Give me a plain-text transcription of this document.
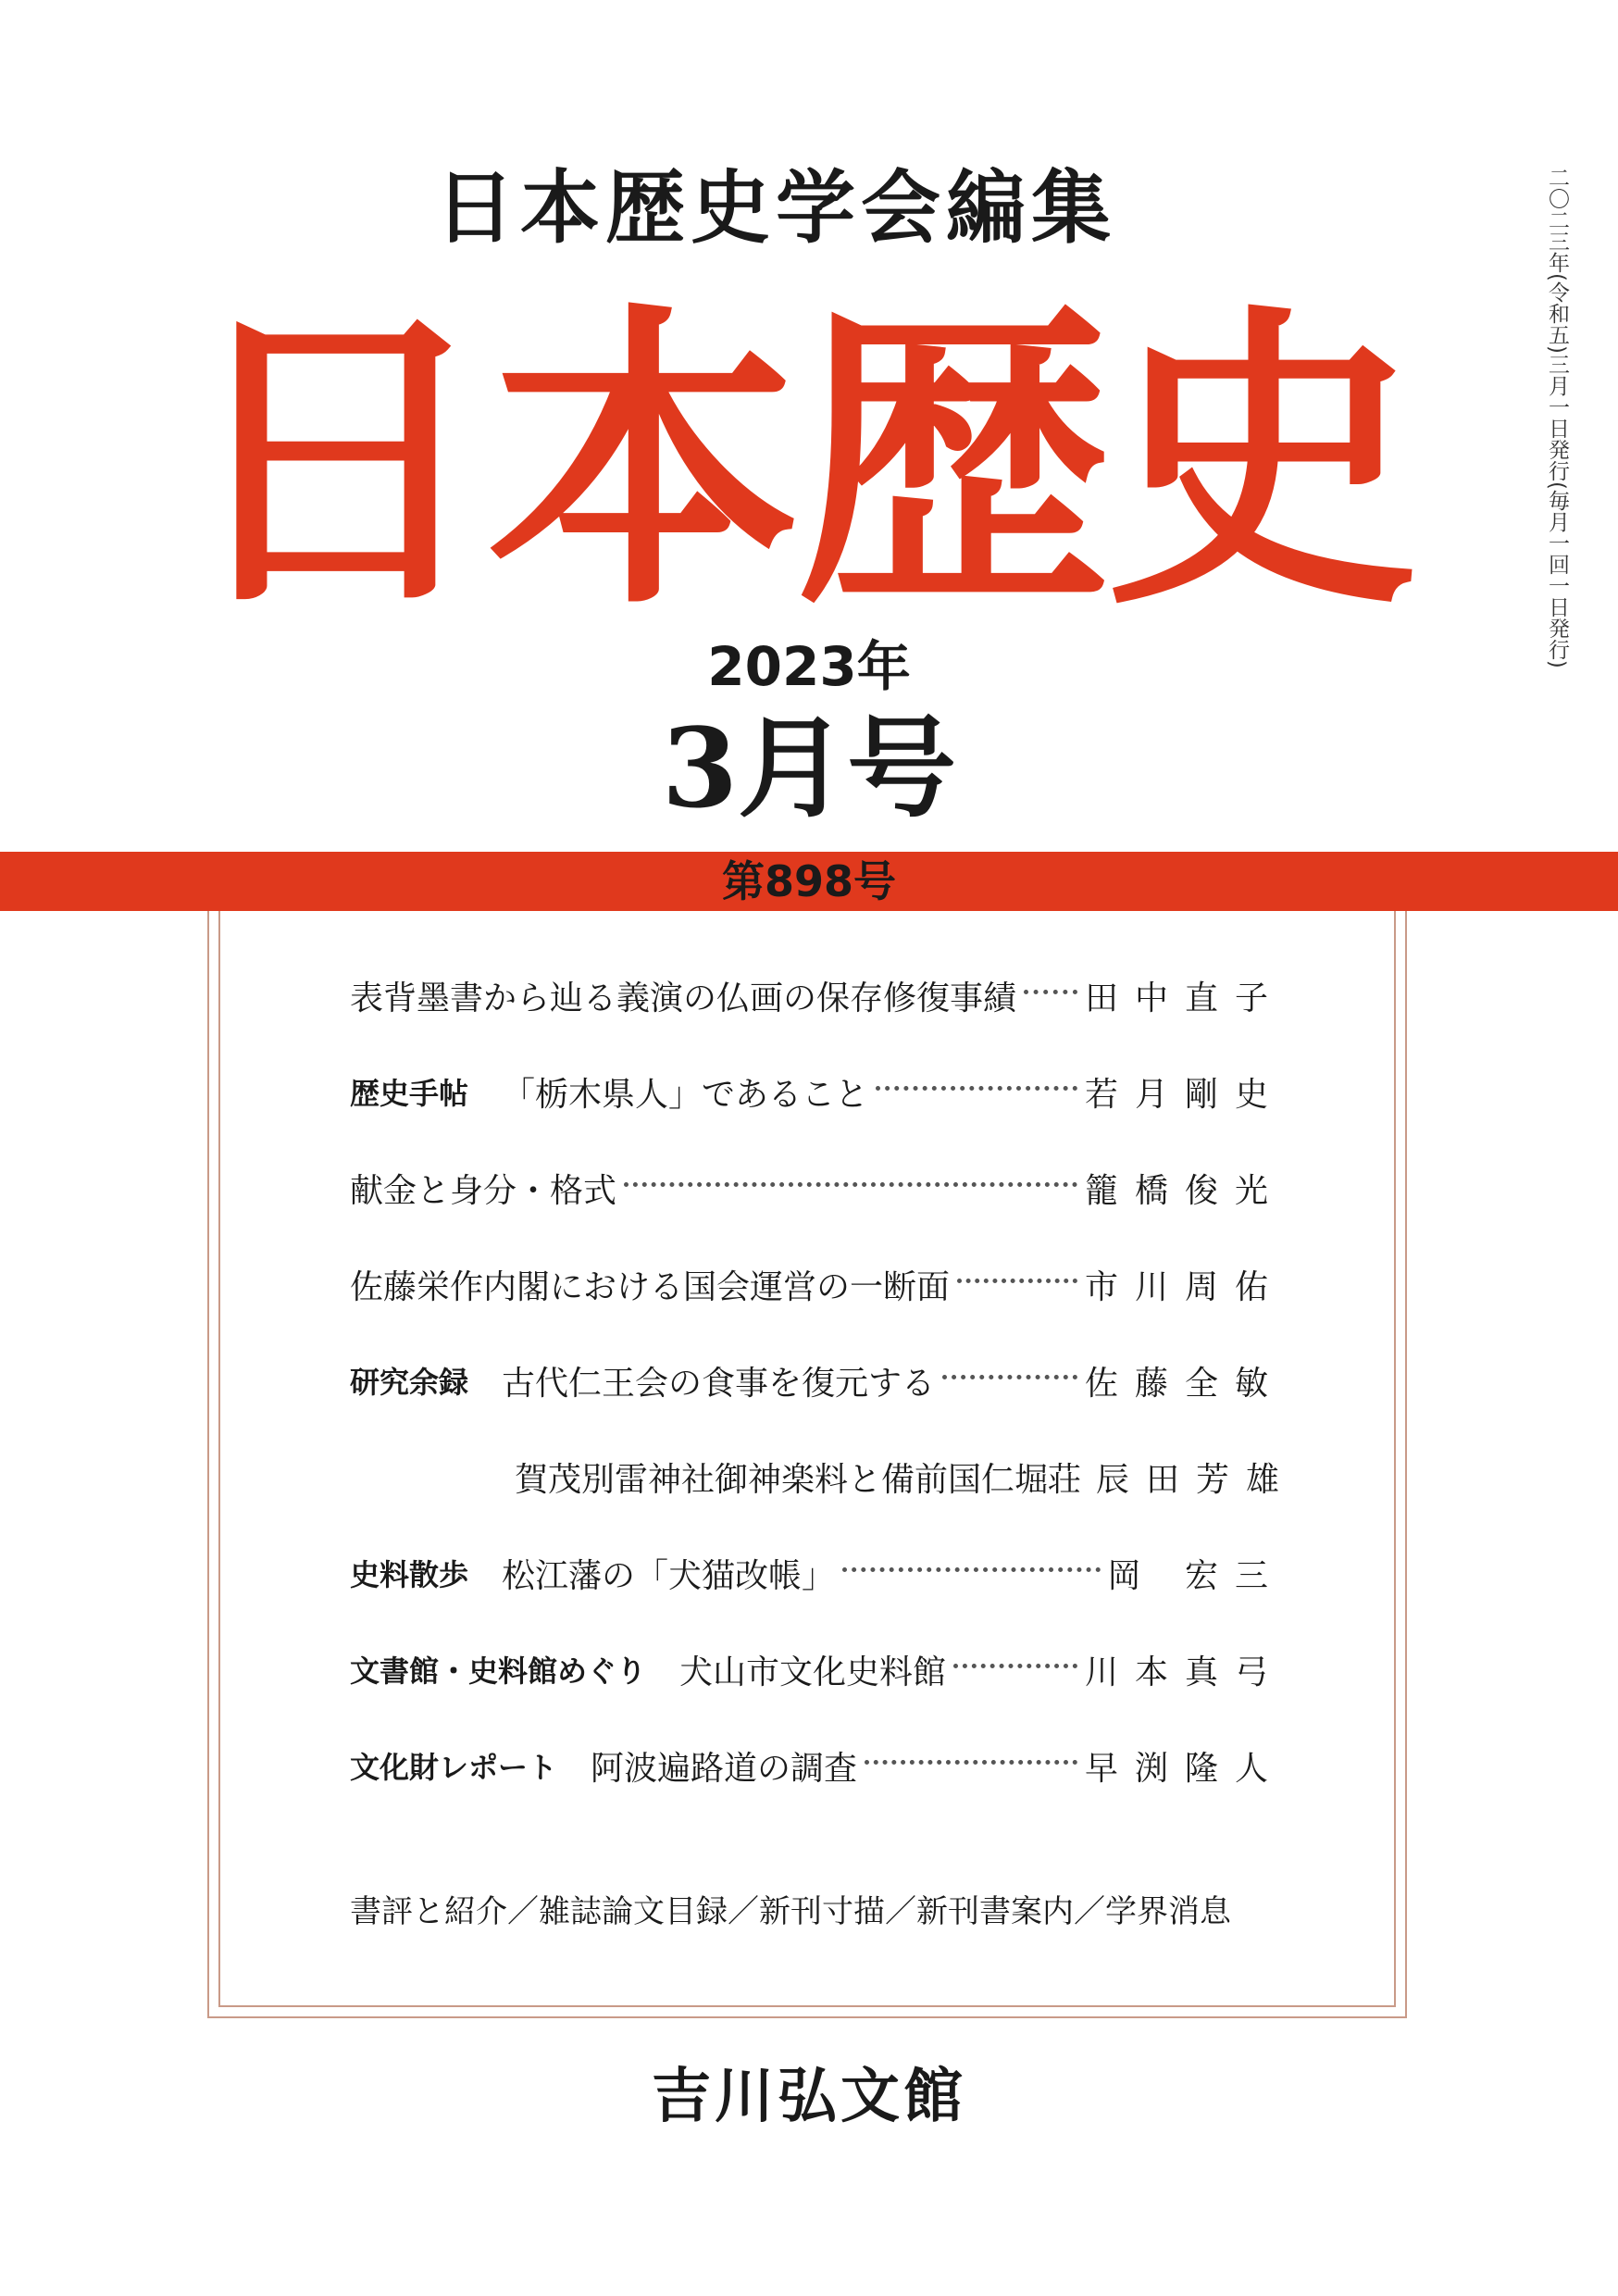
日本歴史学会編集
日本歴史
2023年
3月号
第898号
表背墨書から辿る義演の仏画の保存修復事績 田中直子
歴史手帖 「栃木県人」であること	若月剛史
献金と身分・格式	籠橋俊光
佐藤栄作内閣における国会運営の一断面	市川周佑
研究余録 古代仁王会の食事を復元する	佐藤全敏
賀茂別雷神社御神楽料と備前国仁堀荘 辰田芳雄
史料散歩 松江藩の「犬猫改帳」	岡 宏三
文書館・史料館めぐり 犬山市文化史料館	川本真弓
文化財レポート 阿波遍路道の調査	早渕隆人
書評と紹介／雑誌論文目録／新刊寸描／新刊書案内／学界消息
吉川弘文館
二〇二三年(令和五)三月一日発行(毎月一回一日発行)
